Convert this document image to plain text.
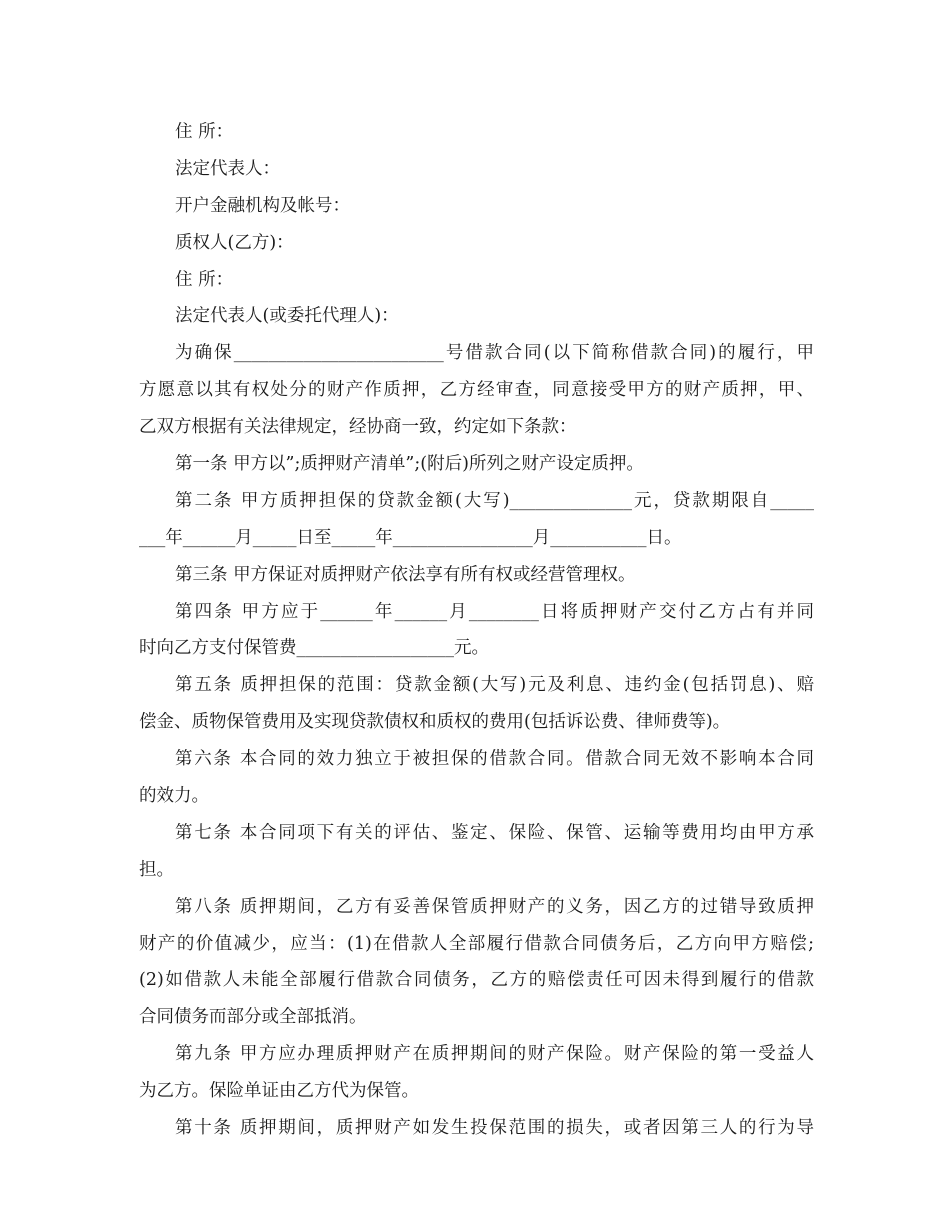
住 所：
法定代表人：
开户金融机构及帐号：
质权人(乙方)：
住 所：
法定代表人(或委托代理人)：
为确保________________________号借款合同(以下简称借款合同)的履行，甲
方愿意以其有权处分的财产作质押，乙方经审查，同意接受甲方的财产质押，甲、
乙双方根据有关法律规定，经协商一致，约定如下条款：
第一条 甲方以”;质押财产清单”;(附后)所列之财产设定质押。
第二条 甲方质押担保的贷款金额(大写)______________元，贷款期限自_____
___年______月_____日至_____年________________月___________日。
第三条 甲方保证对质押财产依法享有所有权或经营管理权。
第四条 甲方应于______年______月________日将质押财产交付乙方占有并同
时向乙方支付保管费__________________元。
第五条 质押担保的范围：贷款金额(大写)元及利息、违约金(包括罚息)、赔
偿金、质物保管费用及实现贷款债权和质权的费用(包括诉讼费、律师费等)。
第六条 本合同的效力独立于被担保的借款合同。借款合同无效不影响本合同
的效力。
第七条 本合同项下有关的评估、鉴定、保险、保管、运输等费用均由甲方承
担。
第八条 质押期间，乙方有妥善保管质押财产的义务，因乙方的过错导致质押
财产的价值减少，应当：(1)在借款人全部履行借款合同债务后，乙方向甲方赔偿;
(2)如借款人未能全部履行借款合同债务，乙方的赔偿责任可因未得到履行的借款
合同债务而部分或全部抵消。
第九条 甲方应办理质押财产在质押期间的财产保险。财产保险的第一受益人
为乙方。保险单证由乙方代为保管。
第十条 质押期间，质押财产如发生投保范围的损失，或者因第三人的行为导
